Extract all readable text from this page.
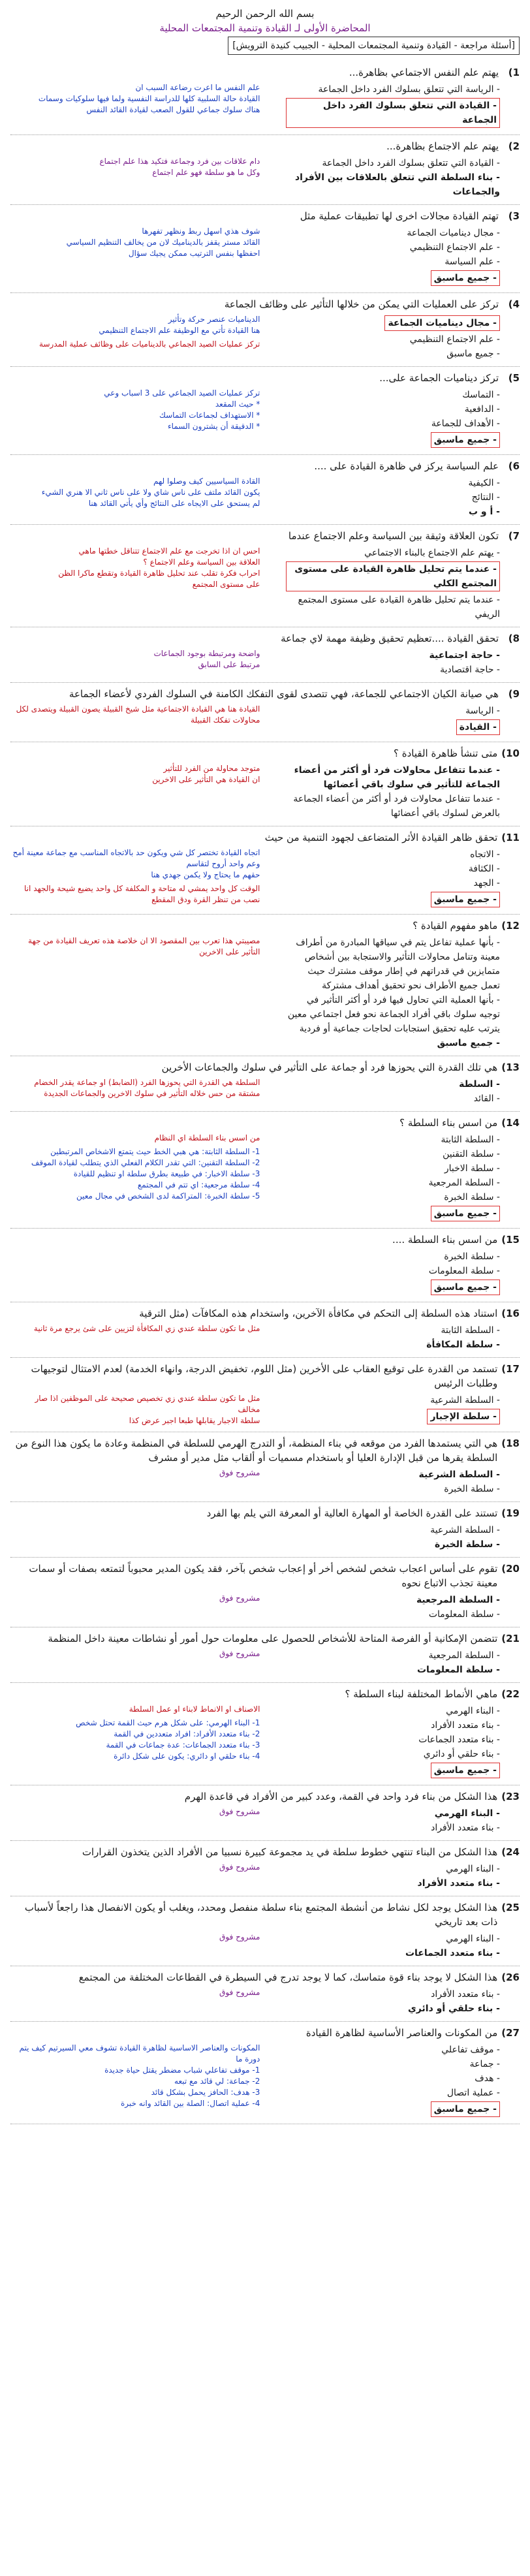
بسم الله الرحمن الرحيم
المحاضرة الأولى لـ القيادة وتنمية المجتمعات المحلية
[أسئلة مراجعة - القيادة وتنمية المجتمعات المحلية - الجبيب كنيدة الترويش]
1)
يهتم علم النفس الاجتماعي بظاهرة...
- الرياسة التي تتعلق بسلوك الفرد داخل الجماعة
- القيادة التي تتعلق بسلوك الفرد داخل الجماعة
علم النفس ما اعرت رضاعة السبب ان
القيادة حالة السلبية كلها للدراسة النفسية ولما فيها سلوكيات وسمات
هناك سلوك جماعي للقول الصعب لقيادة القائد النفس
2)
يهتم علم الاجتماع بظاهرة...
- القيادة التي تتعلق بسلوك الفرد داخل الجماعة
- بناء السلطة التي تتعلق بالعلاقات بين الأفراد والجماعات
دام علاقات بين فرد وجماعة فتكيد هذا علم اجتماع
وكل ما هو سلطة فهو علم اجتماع
3)
تهتم القيادة مجالات اخرى لها تطبيقات عملية مثل
- مجال ديناميات الجماعة
- علم الاجتماع التنظيمي
- علم السياسة
- جميع ماسبق
شوف هذي اسهل ربط ونظهر تفهرها
القائد مستر يقفز بالديناميك لان من يخالف التنظيم السياسي
احفظها بنفس الترتيب ممكن يجيك سؤال
4)
تركز على العمليات التي يمكن من خلالها التأثير على وظائف الجماعة
- مجال ديناميات الجماعة
- علم الاجتماع التنظيمي
- جميع ماسبق
الديناميات عنصر حركة وتأثير
هنا القيادة تأتي مع الوظيفة علم الاجتماع التنظيمي
تركز عمليات الصيد الجماعي بالديناميات على وظائف عملية المدرسة
5)
تركز ديناميات الجماعة على...
- التماسك
- الدافعية
- الأهداف للجماعة
- جميع ماسبق
تركز عمليات الصيد الجماعي على 3 اسباب وعي
* حيث المقعد
* الاستهداف لجماعات التماسك
* الدقيقة أن يشترون السماء
6)
علم السياسة يركز في ظاهرة القيادة على ....
- الكيفية
- النتائج
- أ و ب
القادة السياسيين كيف وصلوا لهم
يكون القائد ملتف على ناس شاي ولا على ناس ثاني الا هنري الشيء
لم يستحق على الايجاه على النتائج وأي يأتي القائد هنا
7)
تكون العلاقة وثيقة بين السياسة وعلم الاجتماع عندما
- يهتم علم الاجتماع بالبناء الاجتماعي
- عندما يتم تحليل ظاهرة القيادة على مستوى المجتمع الكلي
- عندما يتم تحليل ظاهرة القيادة على مستوى المجتمع الريفي
احس ان اذا تخرجت مع علم الاجتماع تتناقل خطتها ماهي
العلاقة بين السياسة وعلم الاجتماع ؟
احراب فكرة تقلب عند تحليل ظاهرة القيادة وتقطع ماكرا الظن
على مستوى المجتمع
8)
تحقق القيادة ....تعظيم تحقيق وظيفة مهمة لاي جماعة
- حاجة اجتماعية
- حاجة اقتصادية
واضحة ومرتبطة بوجود الجماعات
مرتبط على السابق
9)
هي صيانة الكيان الاجتماعي للجماعة، فهي تتصدى لقوى التفكك الكامنة في السلوك الفردي لأعضاء الجماعة
- الرياسة
- القيادة
القيادة هنا هي القيادة الاجتماعية مثل شيخ القبيلة يصون القبيلة ويتصدى لكل محاولات تفكك القبيلة
10)
متى تنشأ ظاهرة القيادة ؟
- عندما تتفاعل محاولات فرد أو أكثر من أعضاء الجماعة للتأثير في سلوك باقي أعضائها
- عندما تتفاعل محاولات فرد أو أكثر من أعضاء الجماعة بالعرض لسلوك باقي أعضائها
متوجد محاولة من الفرد للتأثير
ان القيادة هي التأثير على الاخرين
11)
تحقق ظاهر القيادة الأثر المتضاعف لجهود التنمية من حيث
- الاتجاه
- الكثافة
- الجهد
- جميع ماسبق
اتجاه القيادة تختصر كل شي ويكون حد بالاتجاه المناسب مع جماعة معينة أمح وعم واحد أروح لتقاسم
حقهم ما يحتاج ولا يكمن جهدي هنا
الوقت كل واحد يمشي له متاحة و المكلفة كل واحد يضيع شيحة والجهد انا نصب من تنظر القرة ودق المقطع
12)
ماهو مفهوم القيادة ؟
- بأنها عملية تفاعل يتم في سياقها المبادرة من أطراف معينة وتنامل محاولات التأثير والاستجابة بين أشخاص متمايزين في قدراتهم في إطار موقف مشترك حيث تعمل جميع الأطراف نحو تحقيق أهداف مشتركة
- بأنها العملية التي تحاول فيها فرد أو أكثر التأثير في توجيه سلوك باقي أفراد الجماعة نحو فعل اجتماعي معين يترتب عليه تحقيق استجابات لحاجات جماعية أو فردية
- جميع ماسبق
مصيبتي هذا تعرب بين المقصود الا ان خلاصة هذه تعريف القيادة من جهة التأثير على الاخرين
13)
هي تلك القدرة التي يحوزها فرد أو جماعة على التأثير في سلوك والجماعات الأخرين
- السلطة
- القائد
السلطة هي القدرة التي يحوزها الفرد (الضابط) او جماعة يقدر الخضام مشتقة من حس خلاله التأثير في سلوك الاخرين والجماعات الجديدة
14)
من اسس بناء السلطة ؟
- السلطة الثابتة
- سلطة التقنين
- سلطة الاخبار
- السلطة المرجعية
- سلطة الخبرة
- جميع ماسبق
من اسس بناء السلطة اي النظام
1- السلطة الثابتة: هي هبي الخط حيث يتمتع الاشخاص المرتبطين
2- السلطة التقنين: التي تقدر الكلام الفعلي الذي يتطلب لقيادة الموقف
3- سلطة الاخبار: في طبيعة بطرق سلطة او تنظيم للقيادة
4- سلطة مرجعية: اي تتم في المجتمع
5- سلطة الخبرة: المتراكمة لدى الشخص في مجال معين
15)
من اسس بناء السلطة ....
- سلطة الخبرة
- سلطة المعلومات
- جميع ماسبق
16)
استناد هذه السلطة إلى التحكم في مكافأة الآخرين، واستخدام هذه المكافآت (مثل الترقية
- السلطة الثابتة
- سلطة المكافأة
مثل ما تكون سلطة عندي زي المكافأة لتزيين على شئ يرجع مرة ثانية
17)
تستمد من القدرة على توقيع العقاب على الأخرين (مثل اللوم، تخفيض الدرجة، وانهاء الخدمة) لعدم الامتثال لتوجيهات وطلبات الرئيس
- السلطة الشرعية
- سلطة الإجبار
مثل ما تكون سلطة عندي زي تخصيص صحيحة على الموظفين اذا صار مخالف
سلطة الاجبار يقابلها طبعا اجبر عرض كذا
18)
هي التي يستمدها الفرد من موقعه في بناء المنظمة، أو التدرج الهرمي للسلطة في المنظمة وعادة ما يكون هذا النوع من السلطة يقرها من قبل الإدارة العليا أو باستخدام مسميات أو ألقاب مثل مدير أو مشرف
- السلطة الشرعية
- سلطة الخبرة
مشروح فوق
19)
تستند على القدرة الخاصة أو المهارة العالية أو المعرفة التي يلم بها الفرد
- السلطة الشرعية
- سلطة الخبرة
20)
تقوم على أساس اعجاب شخص لشخص أخر أو إعجاب شخص بآخر، فقد يكون المدير محبوباً لتمتعه بصفات أو سمات معينة تجذب الاتباع نحوه
- السلطة المرجعية
- سلطة المعلومات
مشروح فوق
21)
تتضمن الإمكانية أو الفرصة المتاحة للأشخاص للحصول على معلومات حول أمور أو نشاطات معينة داخل المنظمة
- السلطة المرجعية
- سلطة المعلومات
مشروح فوق
22)
ماهي الأنماط المختلفة لبناء السلطة ؟
- البناء الهرمي
- بناء متعدد الأفراد
- بناء متعدد الجماعات
- بناء حلقي أو دائري
- جميع ماسبق
الاصناف او الانماط لابناء او عمل السلطة
1- البناء الهرمي: على شكل هرم حيث القمة تحتل شخص
2- بناء متعدد الأفراد: افراد متعددين في القمة
3- بناء متعدد الجماعات: عدة جماعات في القمة
4- بناء حلقي او دائري: يكون على شكل دائرة
23)
هذا الشكل من بناء فرد واحد في القمة، وعدد كبير من الأفراد في قاعدة الهرم
- البناء الهرمي
- بناء متعدد الأفراد
مشروح فوق
24)
هذا الشكل من البناء تنتهي خطوط سلطة في يد مجموعة كبيرة نسبيا من الأفراد الذين يتخذون القرارات
- البناء الهرمي
- بناء متعدد الأفراد
مشروح فوق
25)
هذا الشكل يوجد لكل نشاط من أنشطة المجتمع بناء سلطة منفصل ومحدد، ويغلب أو يكون الانفصال هذا راجعاً لأسباب ذات بعد تاريخي
- البناء الهرمي
- بناء متعدد الجماعات
مشروح فوق
26)
هذا الشكل لا يوجد بناء قوة متماسك، كما لا يوجد تدرج في السيطرة في القطاعات المختلفة من المجتمع
- بناء متعدد الأفراد
- بناء حلقي أو دائري
مشروح فوق
27)
من المكونات والعناصر الأساسية لظاهرة القيادة
- موقف تفاعلي
- جماعة
- هدف
- عملية اتصال
- جميع ماسبق
المكونات والعناصر الاساسية لظاهرة القيادة تشوف معي السيرتيم كيف يتم دورة ما
1- موقف تفاعلي شباب مضطر يقتل حياة جديدة
2- جماعة: لي قائد مع تبعه
3- هدف: الحافز يحمل بشكل قائد
4- عملية اتصال: الصلة بين القائد وانه خبرة
